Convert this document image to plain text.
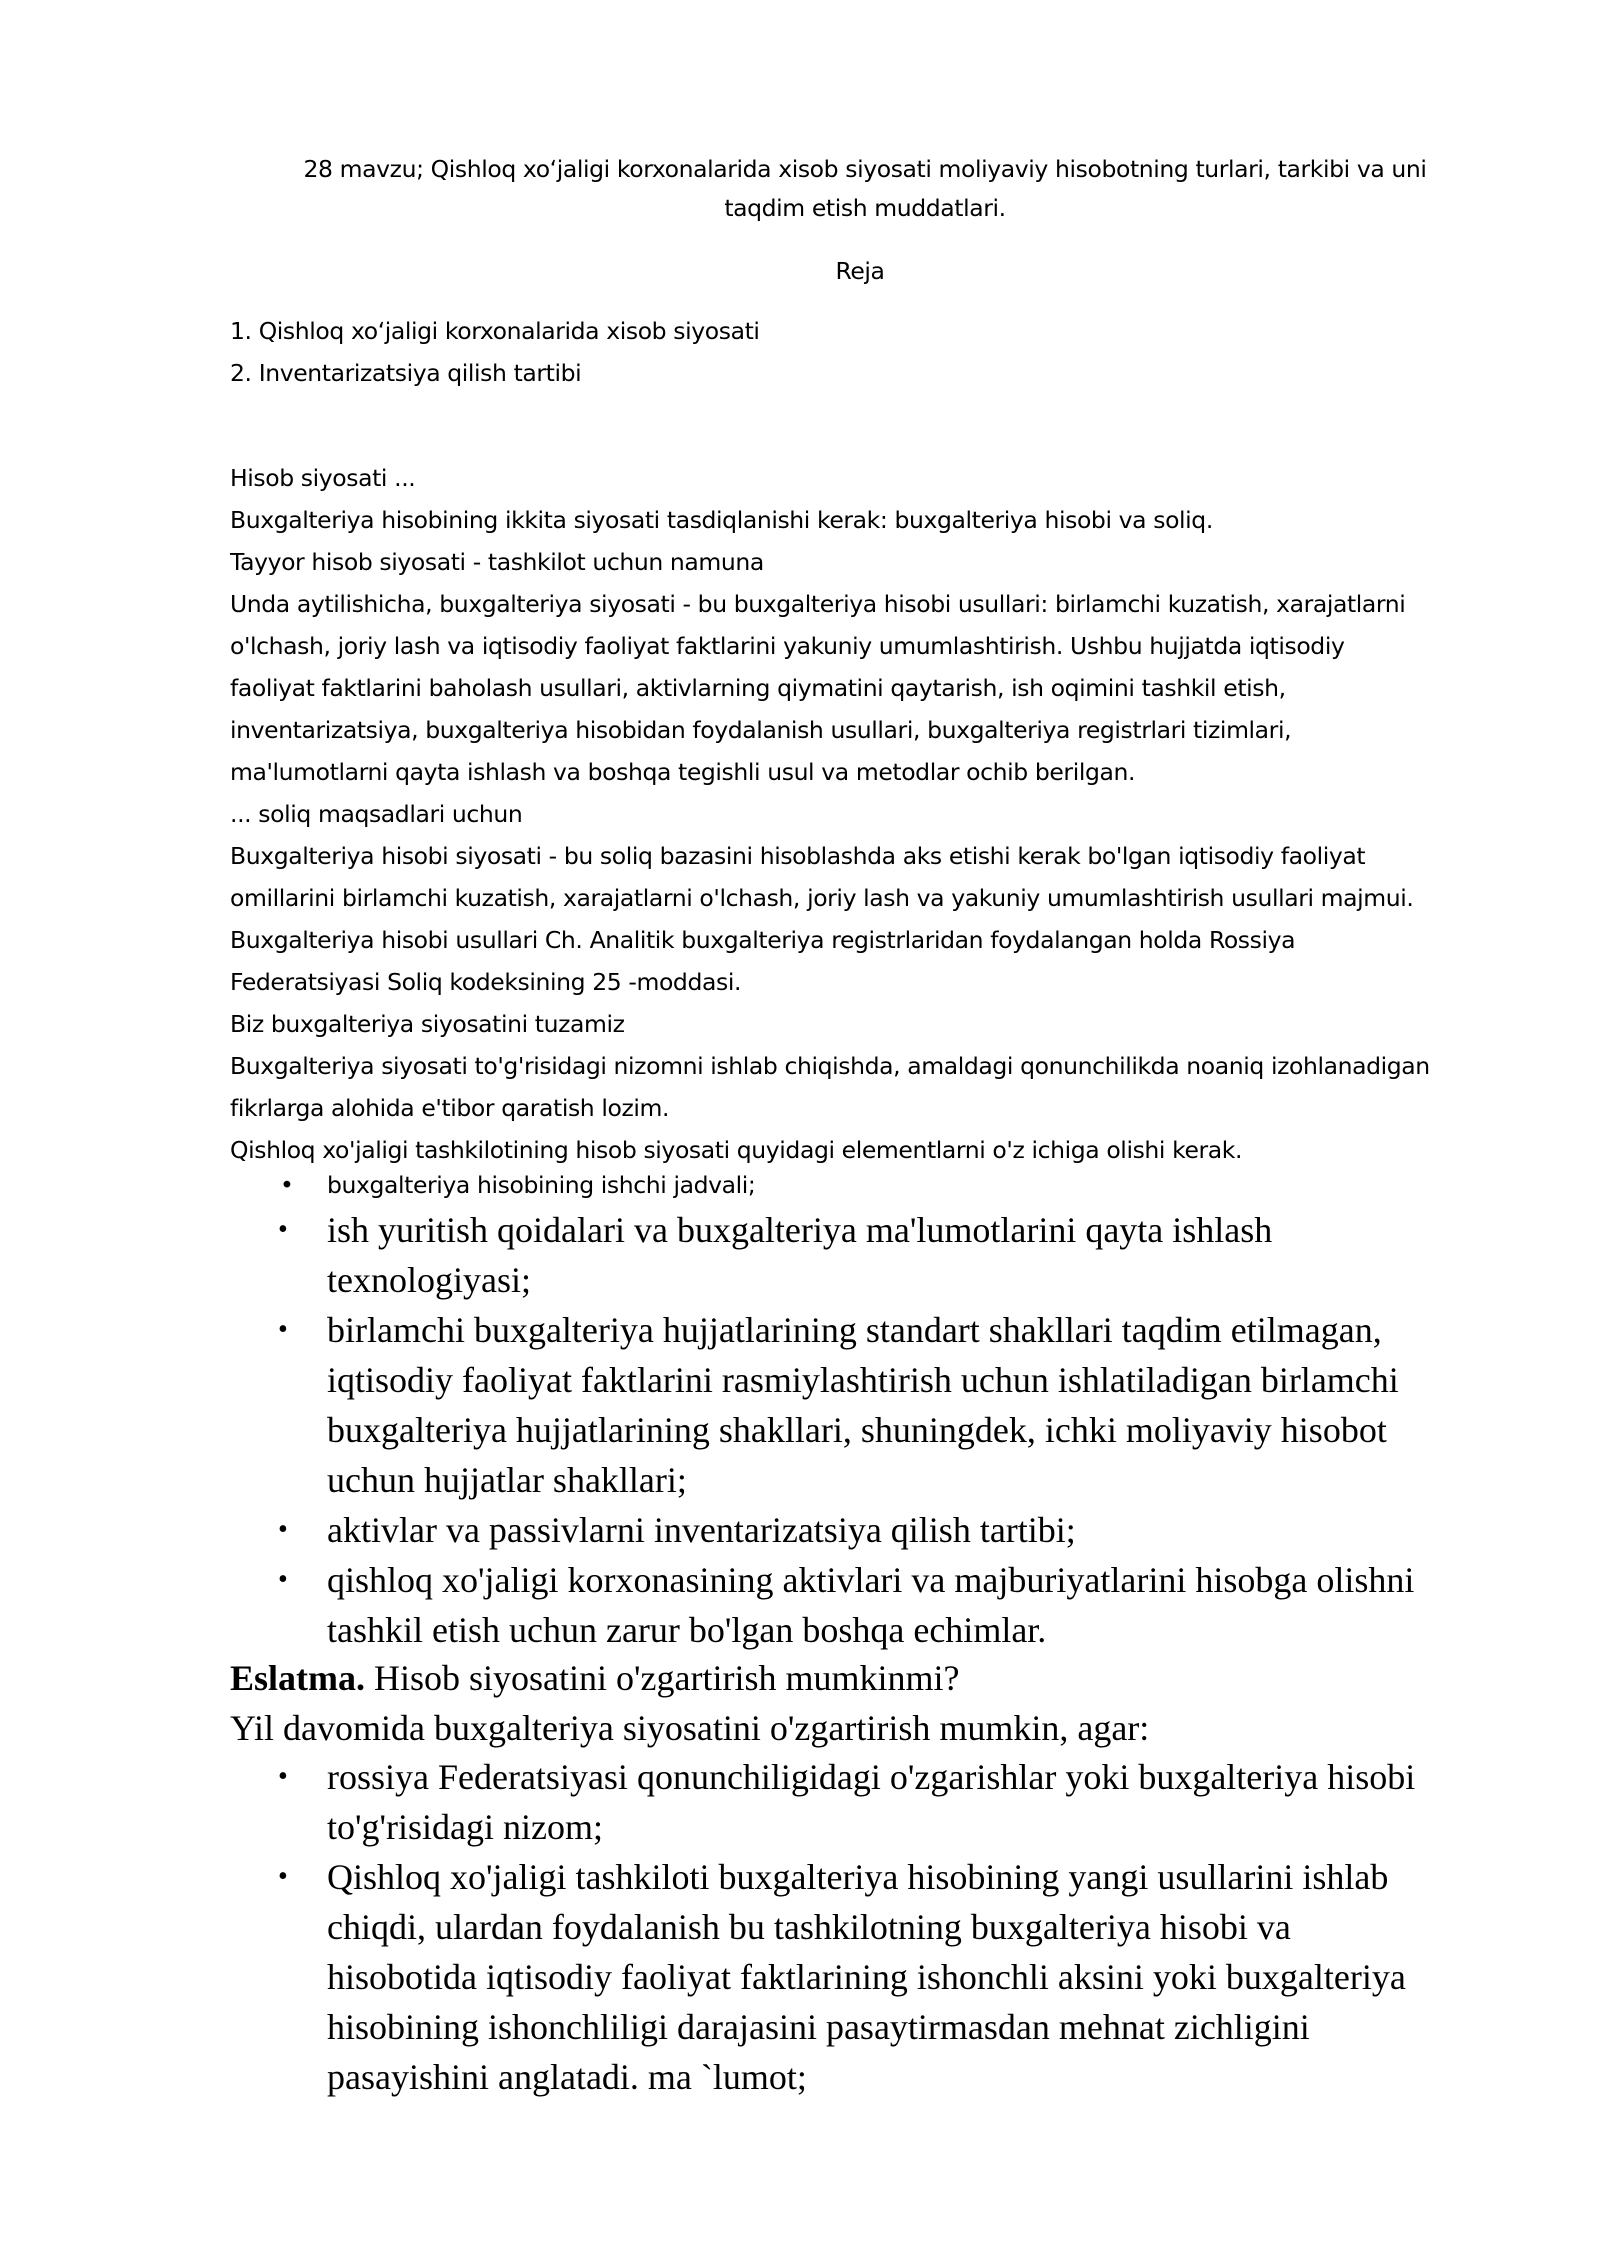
28 mavzu; Qishloq xoʻjaligi korxonalarida xisob siyosati moliyaviy hisobotning turlari, tarkibi va uni
taqdim etish muddatlari.
Reja
1. Qishloq xoʻjaligi korxonalarida xisob siyosati
2. Inventarizatsiya qilish tartibi
Hisob siyosati ...
Buxgalteriya hisobining ikkita siyosati tasdiqlanishi kerak: buxgalteriya hisobi va soliq.
Tayyor hisob siyosati - tashkilot uchun namuna
Unda aytilishicha, buxgalteriya siyosati - bu buxgalteriya hisobi usullari: birlamchi kuzatish, xarajatlarni
o'lchash, joriy lash va iqtisodiy faoliyat faktlarini yakuniy umumlashtirish. Ushbu hujjatda iqtisodiy
faoliyat faktlarini baholash usullari, aktivlarning qiymatini qaytarish, ish oqimini tashkil etish,
inventarizatsiya, buxgalteriya hisobidan foydalanish usullari, buxgalteriya registrlari tizimlari,
ma'lumotlarni qayta ishlash va boshqa tegishli usul va metodlar ochib berilgan.
... soliq maqsadlari uchun
Buxgalteriya hisobi siyosati - bu soliq bazasini hisoblashda aks etishi kerak bo'lgan iqtisodiy faoliyat
omillarini birlamchi kuzatish, xarajatlarni o'lchash, joriy lash va yakuniy umumlashtirish usullari majmui.
Buxgalteriya hisobi usullari Ch. Analitik buxgalteriya registrlaridan foydalangan holda Rossiya
Federatsiyasi Soliq kodeksining 25 -moddasi.
Biz buxgalteriya siyosatini tuzamiz
Buxgalteriya siyosati to'g'risidagi nizomni ishlab chiqishda, amaldagi qonunchilikda noaniq izohlanadigan
fikrlarga alohida e'tibor qaratish lozim.
Qishloq xo'jaligi tashkilotining hisob siyosati quyidagi elementlarni o'z ichiga olishi kerak.
• buxgalteriya hisobining ishchi jadvali;
• ish yuritish qoidalari va buxgalteriya ma'lumotlarini qayta ishlash
texnologiyasi;
• birlamchi buxgalteriya hujjatlarining standart shakllari taqdim etilmagan,
iqtisodiy faoliyat faktlarini rasmiylashtirish uchun ishlatiladigan birlamchi
buxgalteriya hujjatlarining shakllari, shuningdek, ichki moliyaviy hisobot
uchun hujjatlar shakllari;
• aktivlar va passivlarni inventarizatsiya qilish tartibi;
• qishloq xo'jaligi korxonasining aktivlari va majburiyatlarini hisobga olishni
tashkil etish uchun zarur bo'lgan boshqa echimlar.
Eslatma. Hisob siyosatini o'zgartirish mumkinmi?
Yil davomida buxgalteriya siyosatini o'zgartirish mumkin, agar:
• rossiya Federatsiyasi qonunchiligidagi o'zgarishlar yoki buxgalteriya hisobi
to'g'risidagi nizom;
• Qishloq xo'jaligi tashkiloti buxgalteriya hisobining yangi usullarini ishlab
chiqdi, ulardan foydalanish bu tashkilotning buxgalteriya hisobi va
hisobotida iqtisodiy faoliyat faktlarining ishonchli aksini yoki buxgalteriya
hisobining ishonchliligi darajasini pasaytirmasdan mehnat zichligini
pasayishini anglatadi. ma `lumot;
